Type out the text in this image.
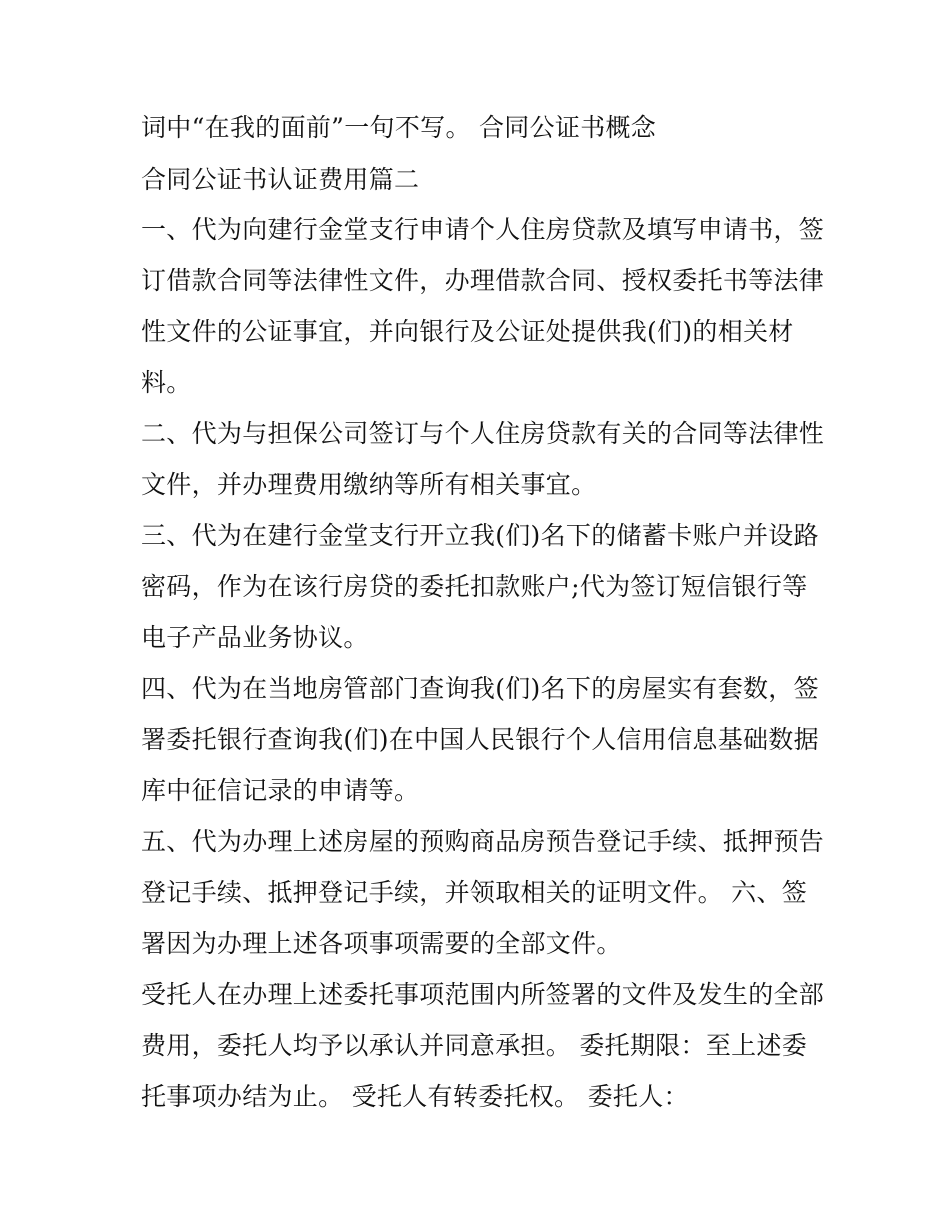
词中“在我的面前”一句不写。 合同公证书概念
合同公证书认证费用篇二
一、代为向建行金堂支行申请个人住房贷款及填写申请书，签
订借款合同等法律性文件，办理借款合同、授权委托书等法律
性文件的公证事宜，并向银行及公证处提供我(们)的相关材
料。
二、代为与担保公司签订与个人住房贷款有关的合同等法律性
文件，并办理费用缴纳等所有相关事宜。
三、代为在建行金堂支行开立我(们)名下的储蓄卡账户并设路
密码，作为在该行房贷的委托扣款账户;代为签订短信银行等
电子产品业务协议。
四、代为在当地房管部门查询我(们)名下的房屋实有套数，签
署委托银行查询我(们)在中国人民银行个人信用信息基础数据
库中征信记录的申请等。
五、代为办理上述房屋的预购商品房预告登记手续、抵押预告
登记手续、抵押登记手续，并领取相关的证明文件。 六、签
署因为办理上述各项事项需要的全部文件。
受托人在办理上述委托事项范围内所签署的文件及发生的全部
费用，委托人均予以承认并同意承担。 委托期限：至上述委
托事项办结为止。 受托人有转委托权。 委托人：
